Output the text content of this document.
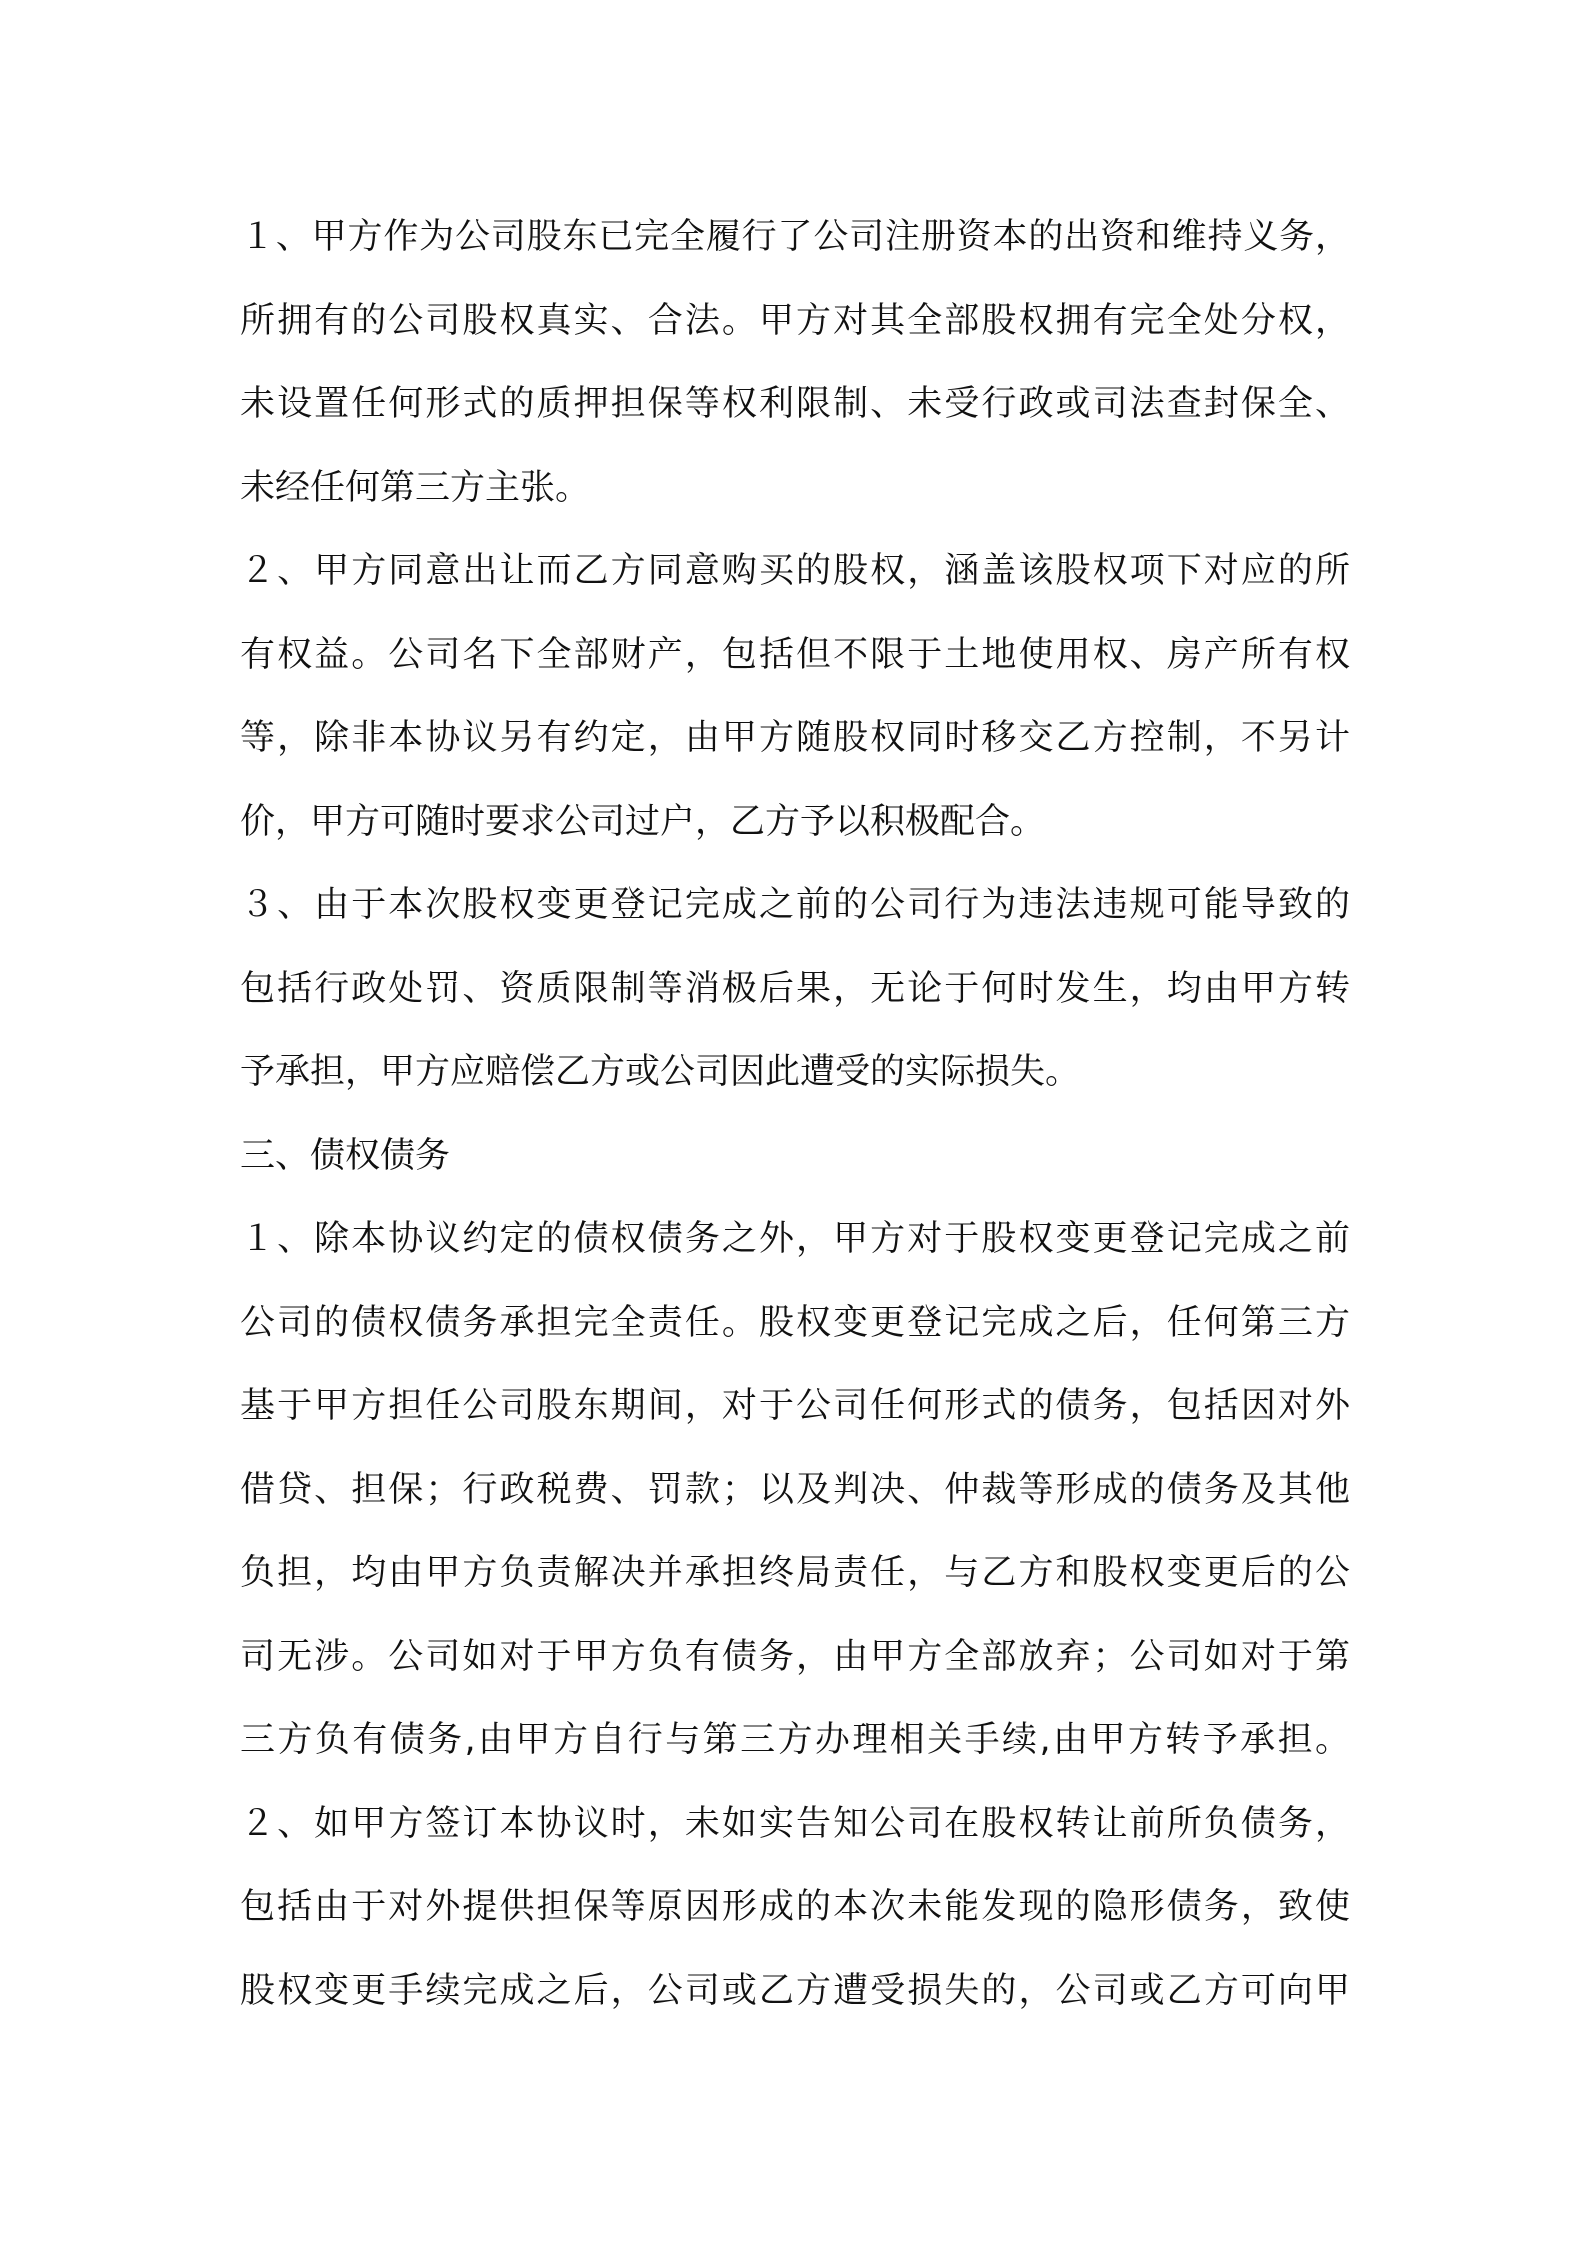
１、甲方作为公司股东已完全履行了公司注册资本的出资和维持义务，
所拥有的公司股权真实、合法。甲方对其全部股权拥有完全处分权，
未设置任何形式的质押担保等权利限制、未受行政或司法查封保全、
未经任何第三方主张。
２、甲方同意出让而乙方同意购买的股权，涵盖该股权项下对应的所
有权益。公司名下全部财产，包括但不限于土地使用权、房产所有权
等，除非本协议另有约定，由甲方随股权同时移交乙方控制，不另计
价，甲方可随时要求公司过户，乙方予以积极配合。
３、由于本次股权变更登记完成之前的公司行为违法违规可能导致的
包括行政处罚、资质限制等消极后果，无论于何时发生，均由甲方转
予承担，甲方应赔偿乙方或公司因此遭受的实际损失。
三、债权债务
１、除本协议约定的债权债务之外，甲方对于股权变更登记完成之前
公司的债权债务承担完全责任。股权变更登记完成之后，任何第三方
基于甲方担任公司股东期间，对于公司任何形式的债务，包括因对外
借贷、担保；行政税费、罚款；以及判决、仲裁等形成的债务及其他
负担，均由甲方负责解决并承担终局责任，与乙方和股权变更后的公
司无涉。公司如对于甲方负有债务，由甲方全部放弃；公司如对于第
三方负有债务,由甲方自行与第三方办理相关手续,由甲方转予承担。
２、如甲方签订本协议时，未如实告知公司在股权转让前所负债务，
包括由于对外提供担保等原因形成的本次未能发现的隐形债务，致使
股权变更手续完成之后，公司或乙方遭受损失的，公司或乙方可向甲
